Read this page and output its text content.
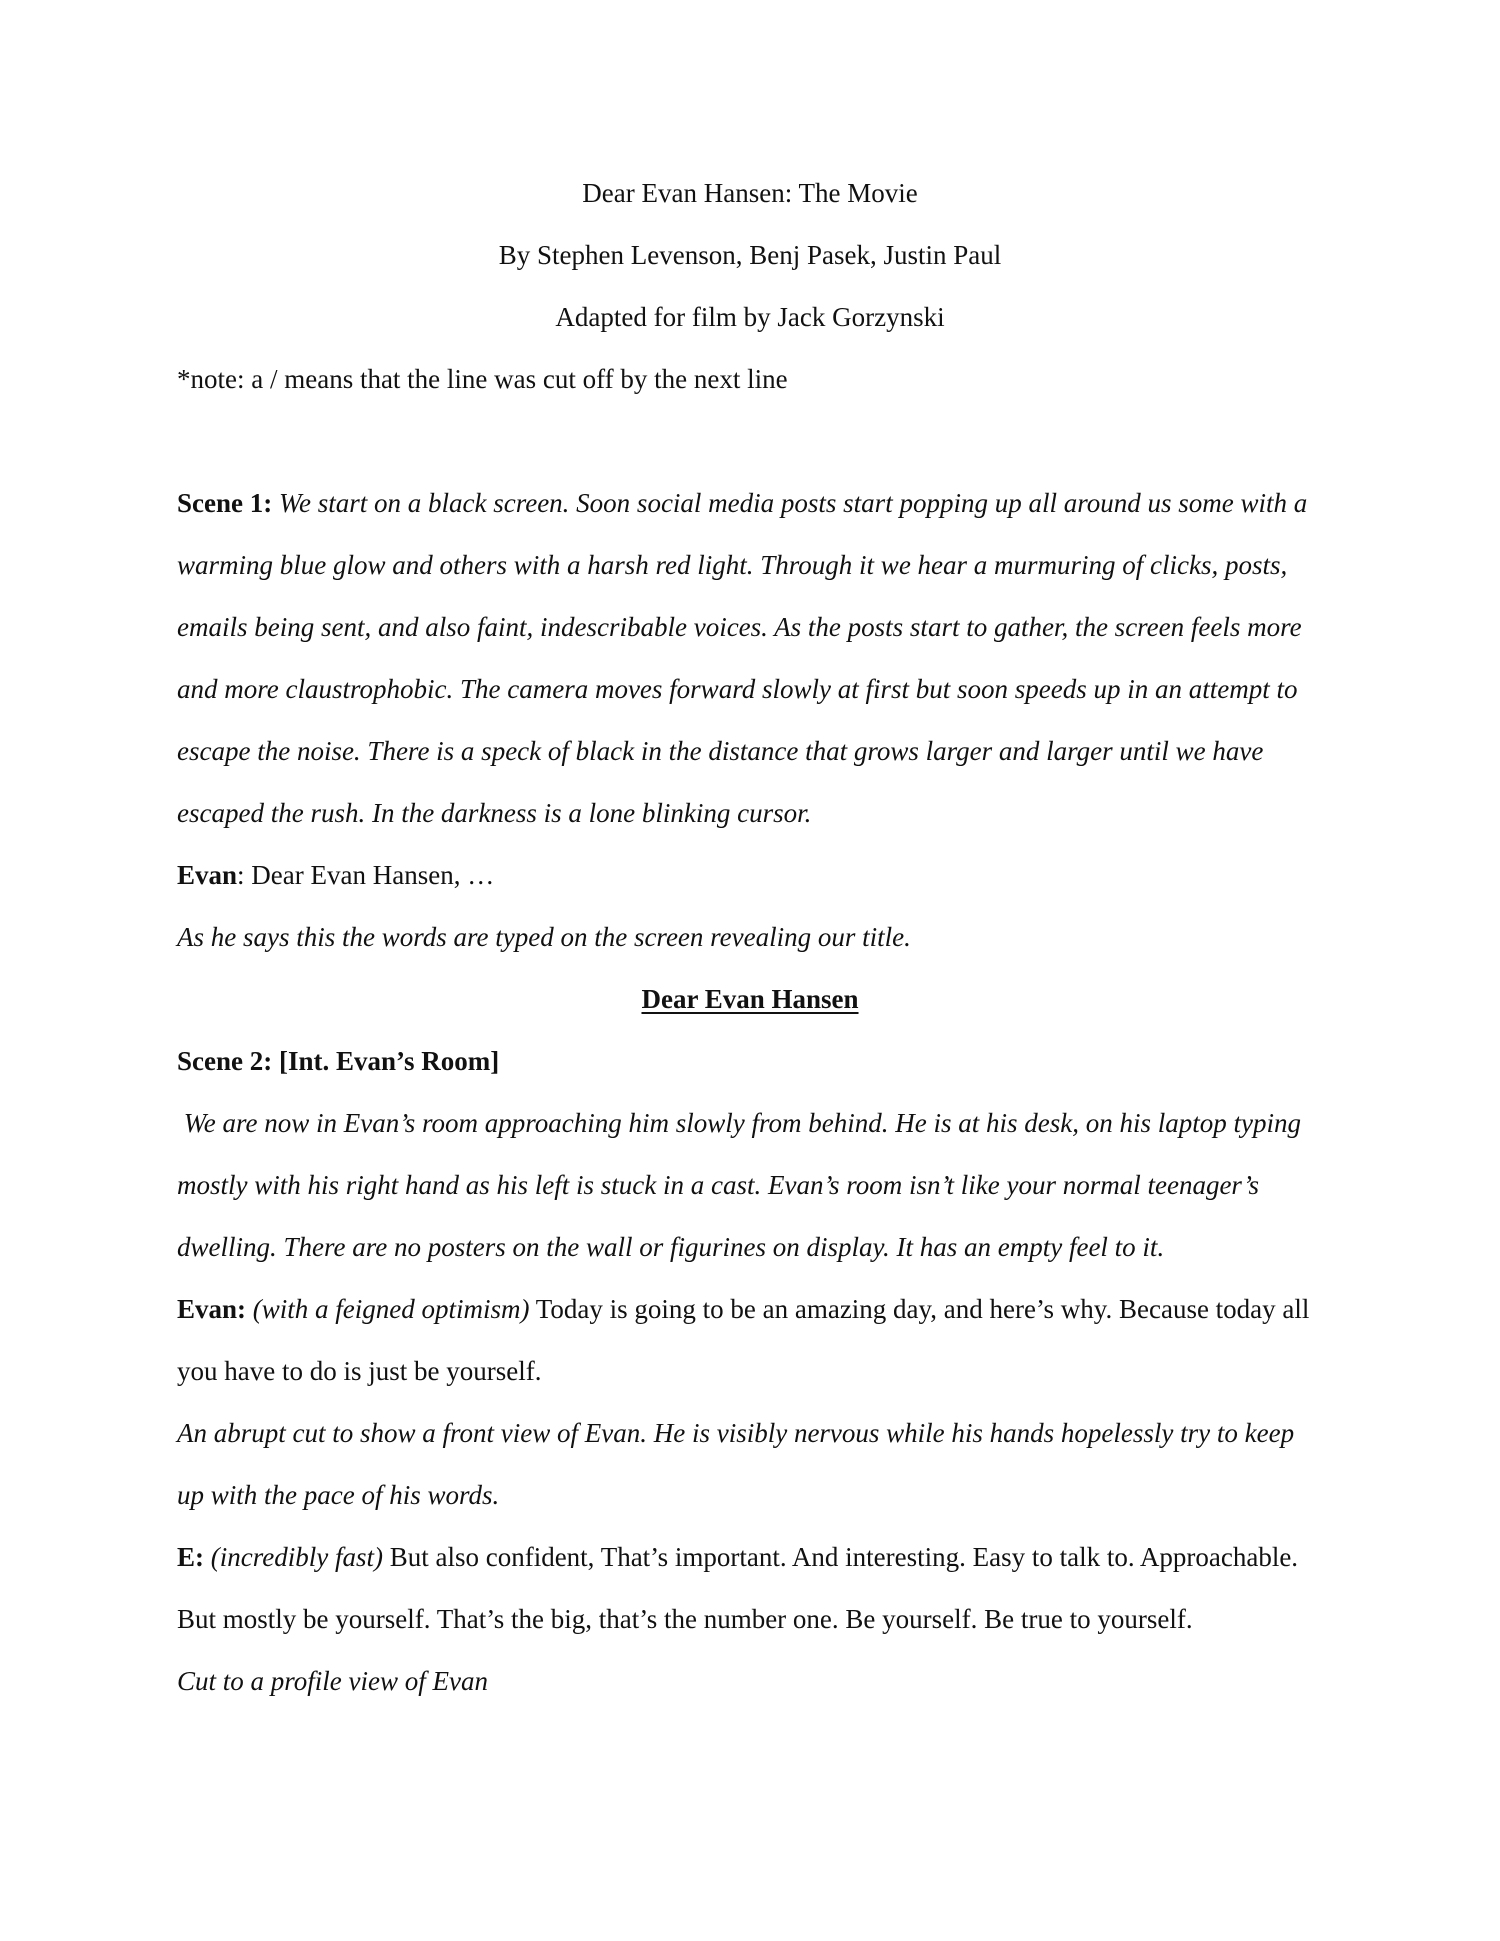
Dear Evan Hansen: The Movie
By Stephen Levenson, Benj Pasek, Justin Paul
Adapted for film by Jack Gorzynski
*note: a / means that the line was cut off by the next line
Scene 1: We start on a black screen. Soon social media posts start popping up all around us some with a
warming blue glow and others with a harsh red light. Through it we hear a murmuring of clicks, posts,
emails being sent, and also faint, indescribable voices. As the posts start to gather, the screen feels more
and more claustrophobic. The camera moves forward slowly at first but soon speeds up in an attempt to
escape the noise. There is a speck of black in the distance that grows larger and larger until we have
escaped the rush. In the darkness is a lone blinking cursor.
Evan: Dear Evan Hansen, …
As he says this the words are typed on the screen revealing our title.
Dear Evan Hansen
Scene 2: [Int. Evan’s Room]
We are now in Evan’s room approaching him slowly from behind. He is at his desk, on his laptop typing
mostly with his right hand as his left is stuck in a cast. Evan’s room isn’t like your normal teenager’s
dwelling. There are no posters on the wall or figurines on display. It has an empty feel to it.
Evan: (with a feigned optimism) Today is going to be an amazing day, and here’s why. Because today all
you have to do is just be yourself.
An abrupt cut to show a front view of Evan. He is visibly nervous while his hands hopelessly try to keep
up with the pace of his words.
E: (incredibly fast) But also confident, That’s important. And interesting. Easy to talk to. Approachable.
But mostly be yourself. That’s the big, that’s the number one. Be yourself. Be true to yourself.
Cut to a profile view of Evan
